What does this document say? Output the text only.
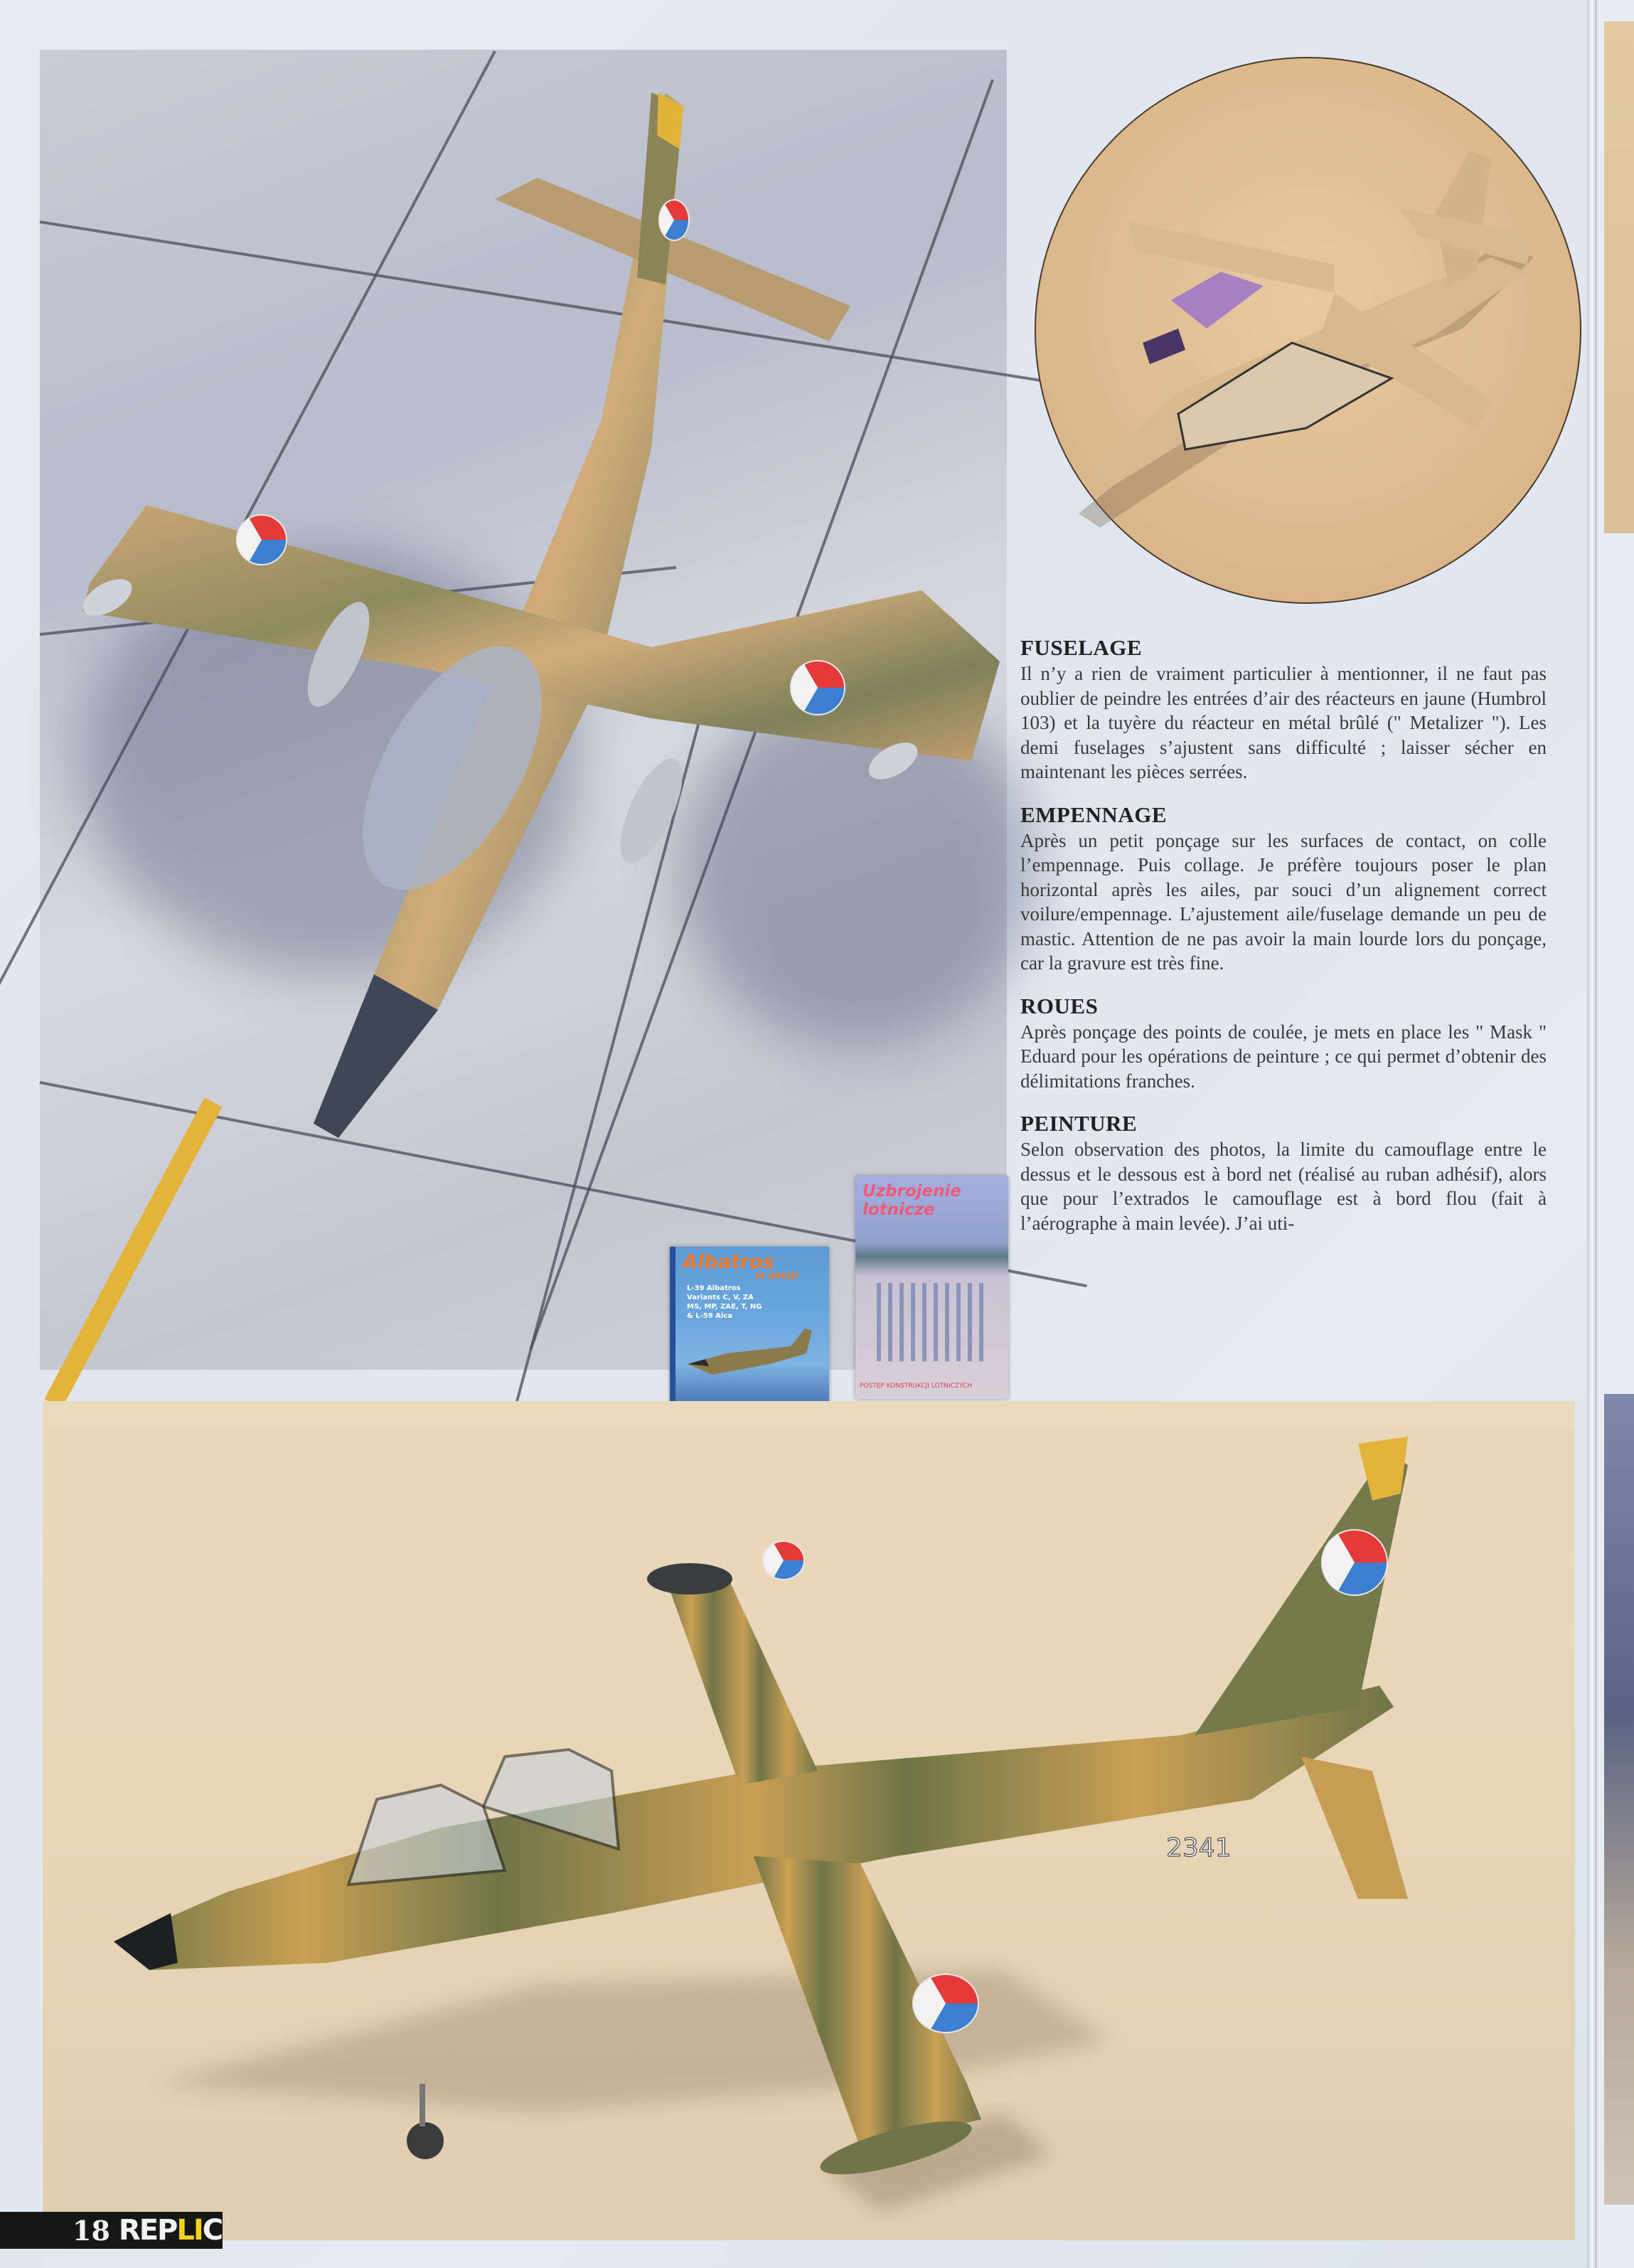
Albatros
in detail
L-39 Albatros
Variants C, V, ZA
MS, MP, ZAE, T, NG
& L-59 Alca
Uzbrojenie lotnicze
POSTĘP KONSTRUKCJI LOTNICZYCH
FUSELAGE

Il n’y a rien de vraiment particulier à mentionner, il ne faut pas oublier de peindre les entrées d’air des réacteurs en jaune (Humbrol 103) et la tuyère du réacteur en métal brûlé (" Metalizer "). Les demi fuselages s’ajustent sans difficulté ; laisser sécher en maintenant les pièces serrées.

EMPENNAGE

Après un petit ponçage sur les surfaces de contact, on colle l’empennage. Puis collage. Je préfère toujours poser le plan horizontal après les ailes, par souci d’un alignement correct voilure/empennage. L’ajustement aile/fuselage demande un peu de mastic. Attention de ne pas avoir la main lourde lors du ponçage, car la gravure est très fine.

ROUES

Après ponçage des points de coulée, je mets en place les " Mask " Eduard pour les opérations de peinture ; ce qui permet d’obtenir des délimitations franches.

PEINTURE

Selon observation des photos, la limite du camouflage entre le dessus et le dessous est à bord net (réalisé au ruban adhésif), alors que pour l’extrados le camouflage est à bord flou (fait à l’aérographe à main levée). J’ai uti-

2341
18 REPLIC
